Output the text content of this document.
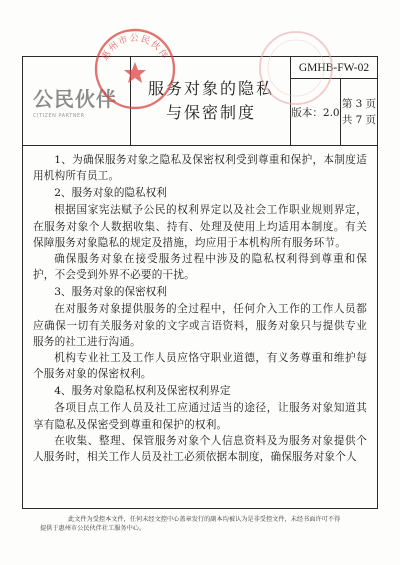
公民伙伴
CITIZEN PARTNER
服务对象的隐私
与保密制度
GMHB-FW-02
版本：2.0
第 3 页
共 7 页
惠州市公民伙伴

1、为确保服务对象之隐私及保密权利受到尊重和保护，本制度适用机构所有员工。

2、服务对象的隐私权利

根据国家宪法赋予公民的权利界定以及社会工作职业规则界定，在服务对象个人数据收集、持有、处理及使用上均适用本制度。有关保障服务对象隐私的规定及措施，均应用于本机构所有服务环节。

确保服务对象在接受服务过程中涉及的隐私权利得到尊重和保护，不会受到外界不必要的干扰。

3、服务对象的保密权利

在对服务对象提供服务的全过程中，任何介入工作的工作人员都应确保一切有关服务对象的文字或言语资料，服务对象只与提供专业服务的社工进行沟通。

机构专业社工及工作人员应恪守职业道德，有义务尊重和维护每个服务对象的保密权利。

4、服务对象隐私权利及保密权利界定

各项目点工作人员及社工应通过适当的途径，让服务对象知道其享有隐私及保密受到尊重和保护的权利。

在收集、整理、保管服务对象个人信息资料及为服务对象提供个人服务时，相关工作人员及社工必须依据本制度，确保服务对象个人

此文件为受控本文件，任何未经文控中心盖章发行的副本均被认为是非受控文件，未经书面许可不得
提供于惠州市公民伙伴社工服务中心。
